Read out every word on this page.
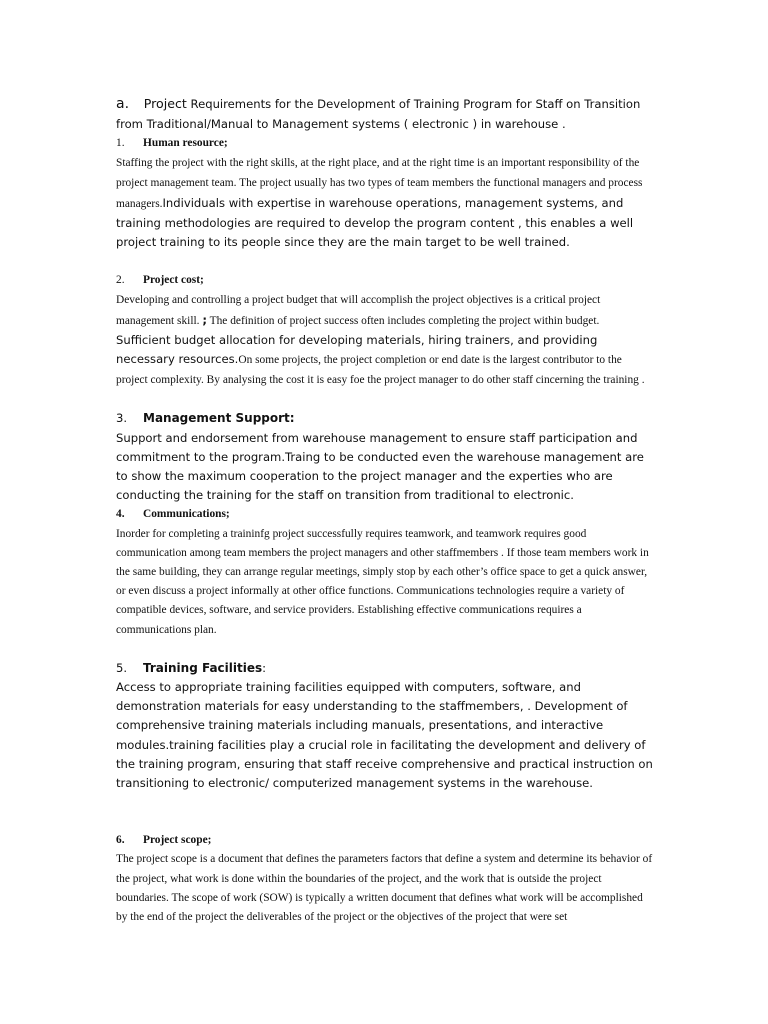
a. Project Requirements for the Development of Training Program for Staff on Transition from Traditional/Manual to Management systems ( electronic ) in warehouse .

1. Human resource;

Staffing the project with the right skills, at the right place, and at the right time is an important responsibility of the project management team. The project usually has two types of team members the functional managers and process managers.Individuals with expertise in warehouse operations, management systems, and training methodologies are required to develop the program content , this enables a well project training to its people since they are the main target to be well trained.

2. Project cost;

Developing and controlling a project budget that will accomplish the project objectives is a critical project management skill. ; The definition of project success often includes completing the project within budget. Sufficient budget allocation for developing materials, hiring trainers, and providing necessary resources.On some projects, the project completion or end date is the largest contributor to the project complexity. By analysing the cost it is easy foe the project manager to do other staff cincerning the training .

3. Management Support:

Support and endorsement from warehouse management to ensure staff participation and commitment to the program.Traing to be conducted even the warehouse management are to show the maximum cooperation to the project manager and the experties who are conducting the training for the staff on transition from traditional to electronic.

4. Communications;

Inorder for completing a traininfg project successfully requires teamwork, and teamwork requires good communication among team members the project managers and other staffmembers . If those team members work in the same building, they can arrange regular meetings, simply stop by each other’s office space to get a quick answer, or even discuss a project informally at other office functions. Communications technologies require a variety of compatible devices, software, and service providers. Establishing effective communications requires a communications plan.

5. Training Facilities:

Access to appropriate training facilities equipped with computers, software, and demonstration materials for easy understanding to the staffmembers, . Development of comprehensive training materials including manuals, presentations, and interactive modules.training facilities play a crucial role in facilitating the development and delivery of the training program, ensuring that staff receive comprehensive and practical instruction on transitioning to electronic/ computerized management systems in the warehouse.

6. Project scope;

The project scope is a document that defines the parameters factors that define a system and determine its behavior of the project, what work is done within the boundaries of the project, and the work that is outside the project boundaries. The scope of work (SOW) is typically a written document that defines what work will be accomplished by the end of the project the deliverables of the project or the objectives of the project that were set
